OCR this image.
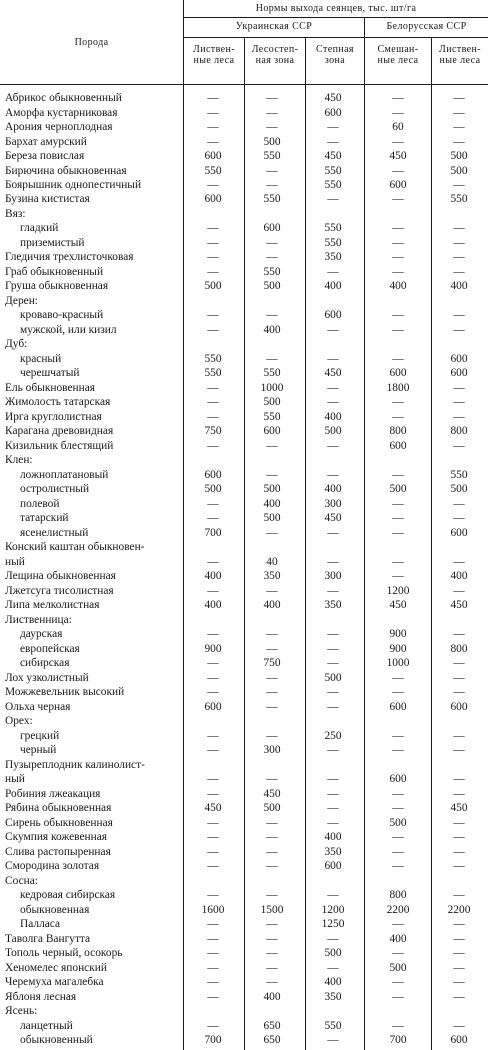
Порода
Нормы выхода сеянцев, тыс. шт/га
Украинская ССР	Белорусская ССР
Листвен-
ные леса
Лесостеп-
ная зона
Степная
зона
Смешан-
ные леса
Листвен-
ные леса
Абрикос обыкновенный	—	—	450	—	—
Аморфа кустарниковая	—	—	600	—	—
Арония черноплодная	—	—	—	60	—
Бархат амурский	—	500	—	—	—
Береза повислая	600	550	450	450	500
Бирючина обыкновенная	550	—	550	—	500
Боярышник однопестичный	—	—	550	600	—
Бузина кистистая	600	550	—	—	550
Вяз:
гладкий	—	600	550	—	—
приземистый	—	—	550	—	—
Гледичия трехлисточковая	—	—	350	—	—
Граб обыкновенный	—	550	—	—	—
Груша обыкновенная	500	500	400	400	400
Дерен:
кроваво-красный	—	—	600	—	—
мужской, или кизил	—	400	—	—	—
Дуб:
красный	550	—	—	—	600
черешчатый	550	550	450	600	600
Ель обыкновенная	—	1000	—	1800	—
Жимолость татарская	—	500	—	—	—
Ирга круглолистная	—	550	400	—	—
Карагана древовидная	750	600	500	800	800
Кизильник блестящий	—	—	—	600	—
Клен:
ложноплатановый	600	—	—	—	550
остролистный	500	500	400	500	500
полевой	—	400	300	—	—
татарский	—	500	450	—	—
ясенелистный	700	—	—	—	600
Конский каштан обыкновен-
ный	—	40	—	—	—
Лещина обыкновенная	400	350	300	—	400
Лжетсуга тисолистная	—	—	—	1200	—
Липа мелколистная	400	400	350	450	450
Лиственница:
даурская	—	—	—	900	—
европейская	900	—	—	900	800
сибирская	—	750	—	1000	—
Лох узколистный	—	—	500	—	—
Можжевельник высокий	—	—	—	—	—
Ольха черная	600	—	—	600	600
Орех:
грецкий	—	—	250	—	—
черный	—	300	—	—	—
Пузыреплодник калинолист-
ный	—	—	—	600	—
Робиния лжеакация	—	450	—	—	—
Рябина обыкновенная	450	500	—	—	450
Сирень обыкновенная	—	—	—	500	—
Скумпия кожевенная	—	—	400	—	—
Слива растопыренная	—	—	350	—	—
Смородина золотая	—	—	600	—	—
Сосна:
кедровая сибирская	—	—	—	800	—
обыкновенная	1600	1500	1200	2200	2200
Палласа	—	—	1250	—	—
Таволга Вангутта	—	—	—	400	—
Тополь черный, осокорь	—	—	500	—	—
Хеномелес японский	—	—	—	500	—
Черемуха магалебка	—	—	400	—	—
Яблоня лесная	—	400	350	—	—
Ясень:
ланцетный	—	650	550	—	—
обыкновенный	700	650	—	700	600
